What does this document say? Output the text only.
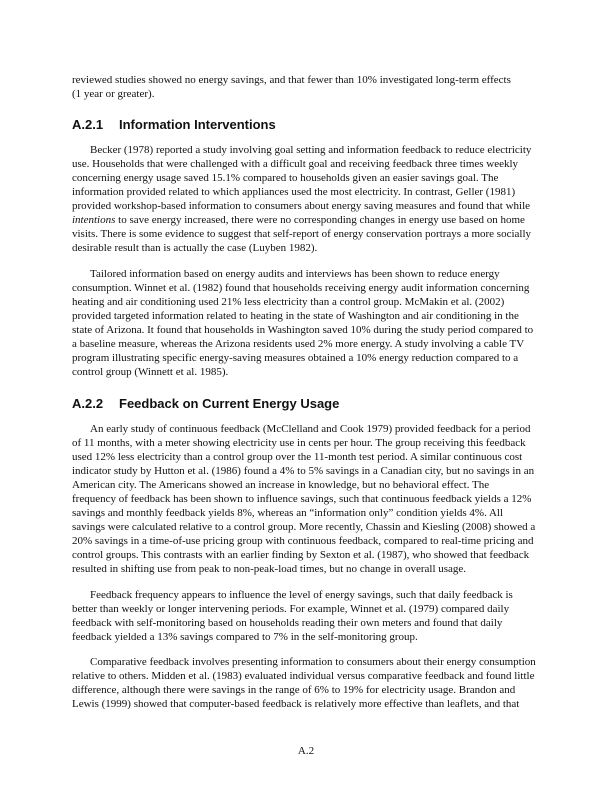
reviewed studies showed no energy savings, and that fewer than 10% investigated long-term effects
(1 year or greater).
A.2.1 Information Interventions
Becker (1978) reported a study involving goal setting and information feedback to reduce electricity
use. Households that were challenged with a difficult goal and receiving feedback three times weekly
concerning energy usage saved 15.1% compared to households given an easier savings goal. The
information provided related to which appliances used the most electricity. In contrast, Geller (1981)
provided workshop-based information to consumers about energy saving measures and found that while
intentions to save energy increased, there were no corresponding changes in energy use based on home
visits. There is some evidence to suggest that self-report of energy conservation portrays a more socially
desirable result than is actually the case (Luyben 1982).
Tailored information based on energy audits and interviews has been shown to reduce energy
consumption. Winnet et al. (1982) found that households receiving energy audit information concerning
heating and air conditioning used 21% less electricity than a control group. McMakin et al. (2002)
provided targeted information related to heating in the state of Washington and air conditioning in the
state of Arizona. It found that households in Washington saved 10% during the study period compared to
a baseline measure, whereas the Arizona residents used 2% more energy. A study involving a cable TV
program illustrating specific energy-saving measures obtained a 10% energy reduction compared to a
control group (Winnett et al. 1985).
A.2.2 Feedback on Current Energy Usage
An early study of continuous feedback (McClelland and Cook 1979) provided feedback for a period
of 11 months, with a meter showing electricity use in cents per hour. The group receiving this feedback
used 12% less electricity than a control group over the 11-month test period. A similar continuous cost
indicator study by Hutton et al. (1986) found a 4% to 5% savings in a Canadian city, but no savings in an
American city. The Americans showed an increase in knowledge, but no behavioral effect. The
frequency of feedback has been shown to influence savings, such that continuous feedback yields a 12%
savings and monthly feedback yields 8%, whereas an “information only” condition yields 4%. All
savings were calculated relative to a control group. More recently, Chassin and Kiesling (2008) showed a
20% savings in a time-of-use pricing group with continuous feedback, compared to real-time pricing and
control groups. This contrasts with an earlier finding by Sexton et al. (1987), who showed that feedback
resulted in shifting use from peak to non-peak-load times, but no change in overall usage.
Feedback frequency appears to influence the level of energy savings, such that daily feedback is
better than weekly or longer intervening periods. For example, Winnet et al. (1979) compared daily
feedback with self-monitoring based on households reading their own meters and found that daily
feedback yielded a 13% savings compared to 7% in the self-monitoring group.
Comparative feedback involves presenting information to consumers about their energy consumption
relative to others. Midden et al. (1983) evaluated individual versus comparative feedback and found little
difference, although there were savings in the range of 6% to 19% for electricity usage. Brandon and
Lewis (1999) showed that computer-based feedback is relatively more effective than leaflets, and that
A.2
